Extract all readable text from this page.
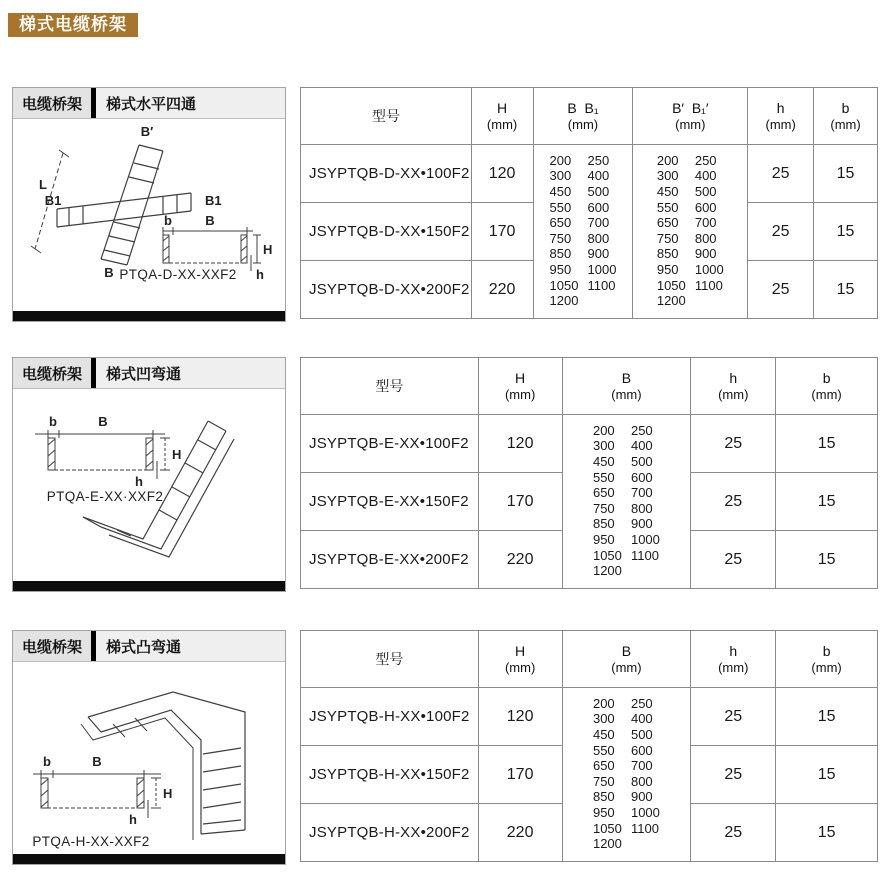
梯式电缆桥架
电缆桥架	梯式水平四通
B′
L
B1	B1
B
b	B
H
h
PTQA-D-XX-XXF2
型号	H
(mm)

B  B₁
(mm)

B′  B₁′
(mm)

h
(mm)

b
(mm)

JSYPTQB-D-XX•100F2	120	
200 250
300 400
450 500
550 600
650 700
750 800
850 900
950 1000
1050 1100
1200

200 250
300 400
450 500
550 600
650 700
750 800
850 900
950 1000
1050 1100
1200
	25	15
JSYPTQB-D-XX•150F2	170			25	15
JSYPTQB-D-XX•200F2	220			25	15
电缆桥架	梯式凹弯通
b	B
H
h
PTQA-E-XX·XXF2
型号	H
(mm)

B
(mm)

h
(mm)

b
(mm)

JSYPTQB-E-XX•100F2	120	
200 250
300 400
450 500
550 600
650 700
750 800
850 900
950 1000
1050 1100
1200
	25	15
JSYPTQB-E-XX•150F2	170		25	15
JSYPTQB-E-XX•200F2	220		25	15
电缆桥架	梯式凸弯通
b	B
H
h
PTQA-H-XX-XXF2
型号	H
(mm)

B
(mm)

h
(mm)

b
(mm)

JSYPTQB-H-XX•100F2	120	
200 250
300 400
450 500
550 600
650 700
750 800
850 900
950 1000
1050 1100
1200
	25	15
JSYPTQB-H-XX•150F2	170		25	15
JSYPTQB-H-XX•200F2	220		25	15
